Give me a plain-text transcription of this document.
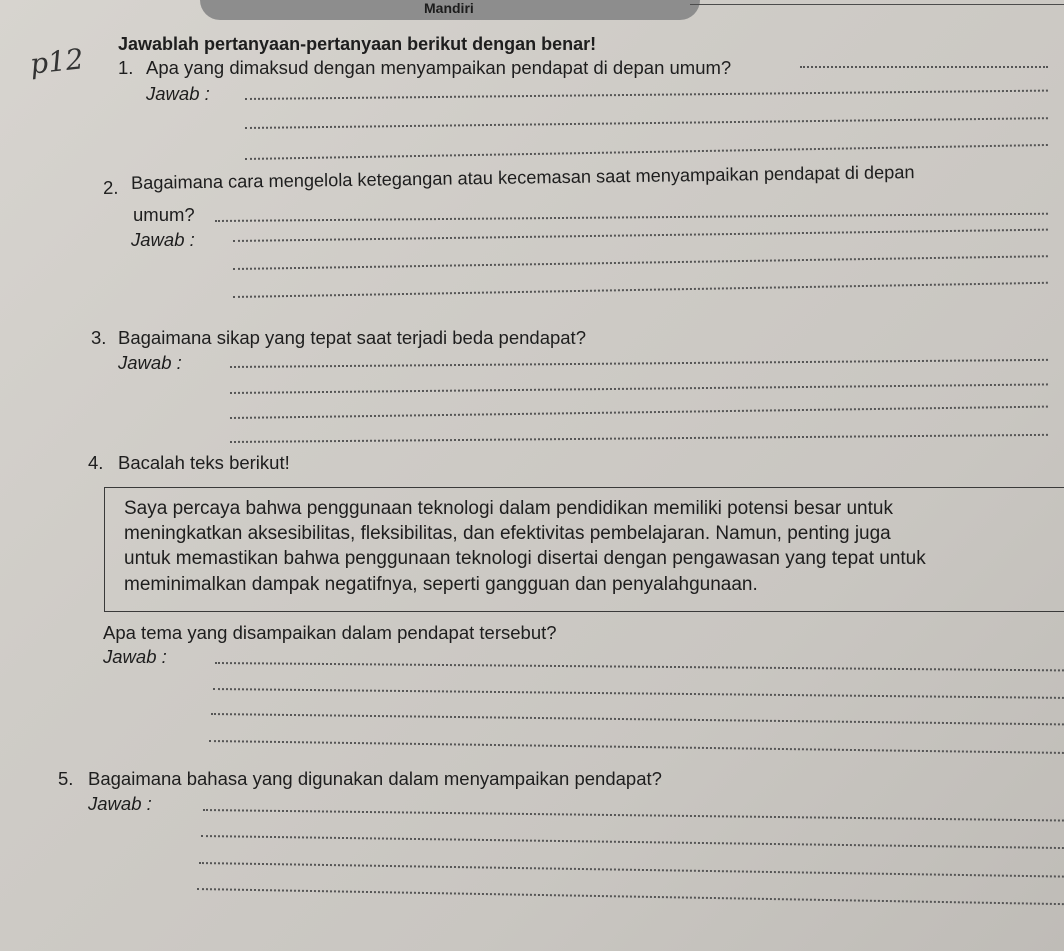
Mandiri
p12 Jawablah pertanyaan-pertanyaan berikut dengan benar!
1. Apa yang dimaksud dengan menyampaikan pendapat di depan umum?
Jawab :
2. Bagaimana cara mengelola ketegangan atau kecemasan saat menyampaikan pendapat di depan
umum?
Jawab :
3. Bagaimana sikap yang tepat saat terjadi beda pendapat?
Jawab :
4. Bacalah teks berikut!
Saya percaya bahwa penggunaan teknologi dalam pendidikan memiliki potensi besar untuk
meningkatkan aksesibilitas, fleksibilitas, dan efektivitas pembelajaran. Namun, penting juga
untuk memastikan bahwa penggunaan teknologi disertai dengan pengawasan yang tepat untuk
meminimalkan dampak negatifnya, seperti gangguan dan penyalahgunaan.
Apa tema yang disampaikan dalam pendapat tersebut?
Jawab :
5. Bagaimana bahasa yang digunakan dalam menyampaikan pendapat?
Jawab :
